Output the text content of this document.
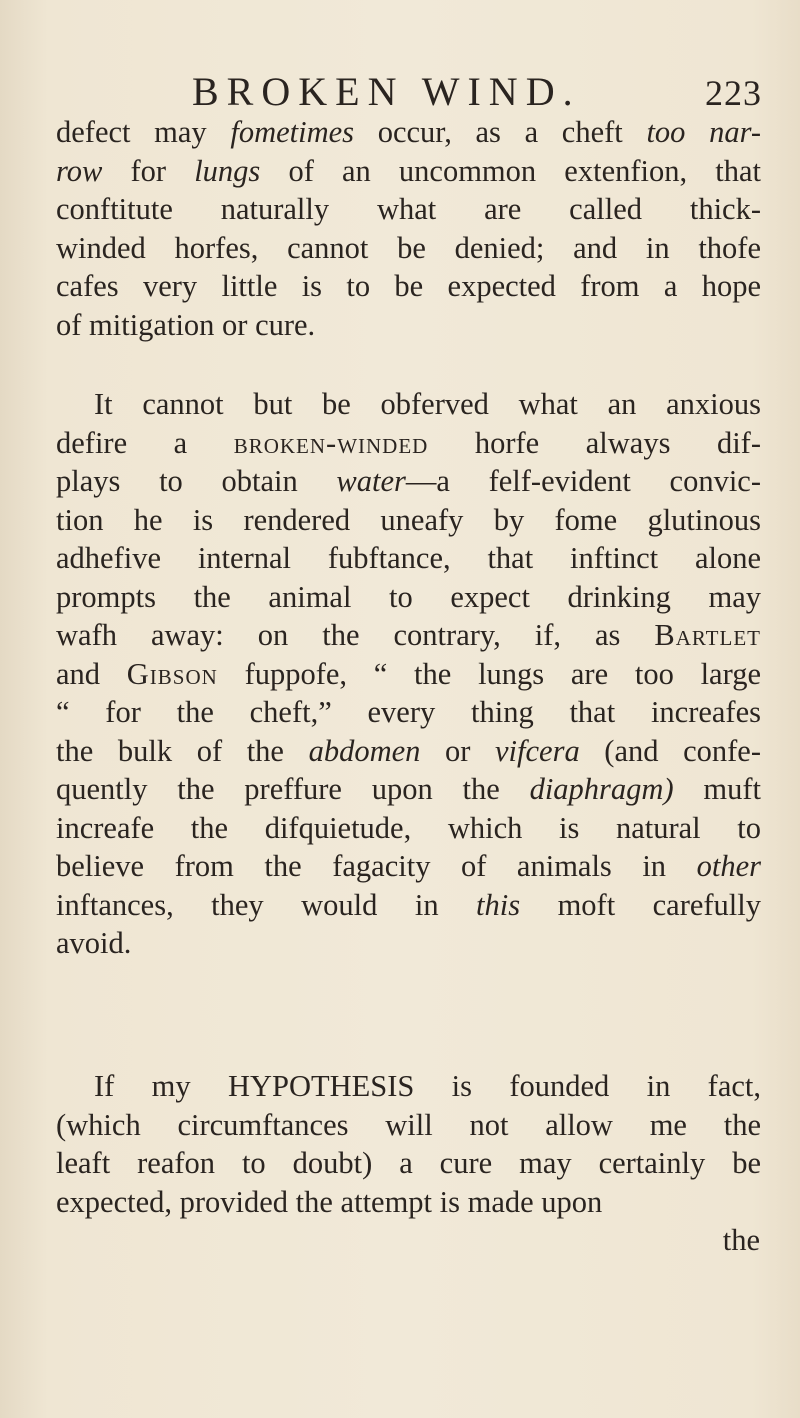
BROKEN WIND.	223
defect may fometimes occur, as a cheft too nar-
row for lungs of an uncommon extenfion, that
conftitute naturally what are called thick-
winded horfes, cannot be denied; and in thofe
cafes very little is to be expected from a hope
of mitigation or cure.
It cannot but be obferved what an anxious
defire a broken-winded horfe always dif-
plays to obtain water—a felf-evident convic-
tion he is rendered uneafy by fome glutinous
adhefive internal fubftance, that inftinct alone
prompts the animal to expect drinking may
wafh away: on the contrary, if, as Bartlet
and Gibson fuppofe, “ the lungs are too large
“ for the cheft,” every thing that increafes
the bulk of the abdomen or vifcera (and confe-
quently the preffure upon the diaphragm) muft
increafe the difquietude, which is natural to
believe from the fagacity of animals in other
inftances, they would in this moft carefully
avoid.
If my HYPOTHESIS is founded in fact,
(which circumftances will not allow me the
leaft reafon to doubt) a cure may certainly be
expected, provided the attempt is made upon
the
